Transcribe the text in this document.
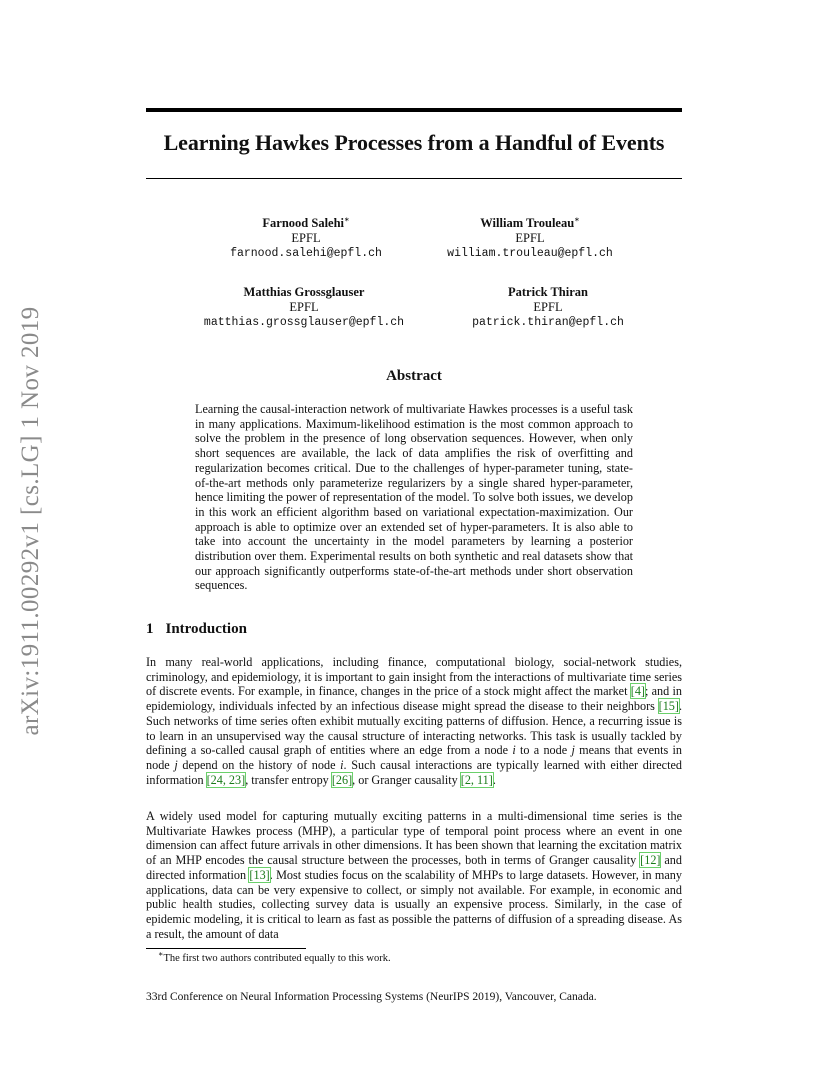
arXiv:1911.00292v1 [cs.LG] 1 Nov 2019
Learning Hawkes Processes from a Handful of Events
Farnood Salehi∗
EPFL
farnood.salehi@epfl.ch
William Trouleau∗
EPFL
william.trouleau@epfl.ch
Matthias Grossglauser
EPFL
matthias.grossglauser@epfl.ch
Patrick Thiran
EPFL
patrick.thiran@epfl.ch
Abstract
Learning the causal-interaction network of multivariate Hawkes processes is a useful task in many applications. Maximum-likelihood estimation is the most common approach to solve the problem in the presence of long observation sequences. However, when only short sequences are available, the lack of data amplifies the risk of overfitting and regularization becomes critical. Due to the challenges of hyper-parameter tuning, state-of-the-art methods only parameterize regularizers by a single shared hyper-parameter, hence limiting the power of representation of the model. To solve both issues, we develop in this work an efficient algorithm based on variational expectation-maximization. Our approach is able to optimize over an extended set of hyper-parameters. It is also able to take into account the uncertainty in the model parameters by learning a posterior distribution over them. Experimental results on both synthetic and real datasets show that our approach significantly outperforms state-of-the-art methods under short observation sequences.
1 Introduction
In many real-world applications, including finance, computational biology, social-network studies, criminology, and epidemiology, it is important to gain insight from the interactions of multivariate time series of discrete events. For example, in finance, changes in the price of a stock might affect the market [4]; and in epidemiology, individuals infected by an infectious disease might spread the disease to their neighbors [15]. Such networks of time series often exhibit mutually exciting patterns of diffusion. Hence, a recurring issue is to learn in an unsupervised way the causal structure of interacting networks. This task is usually tackled by defining a so-called causal graph of entities where an edge from a node i to a node j means that events in node j depend on the history of node i. Such causal interactions are typically learned with either directed information [24, 23], transfer entropy [26], or Granger causality [2, 11].
A widely used model for capturing mutually exciting patterns in a multi-dimensional time series is the Multivariate Hawkes process (MHP), a particular type of temporal point process where an event in one dimension can affect future arrivals in other dimensions. It has been shown that learning the excitation matrix of an MHP encodes the causal structure between the processes, both in terms of Granger causality [12] and directed information [13]. Most studies focus on the scalability of MHPs to large datasets. However, in many applications, data can be very expensive to collect, or simply not available. For example, in economic and public health studies, collecting survey data is usually an expensive process. Similarly, in the case of epidemic modeling, it is critical to learn as fast as possible the patterns of diffusion of a spreading disease. As a result, the amount of data
∗The first two authors contributed equally to this work.
33rd Conference on Neural Information Processing Systems (NeurIPS 2019), Vancouver, Canada.
